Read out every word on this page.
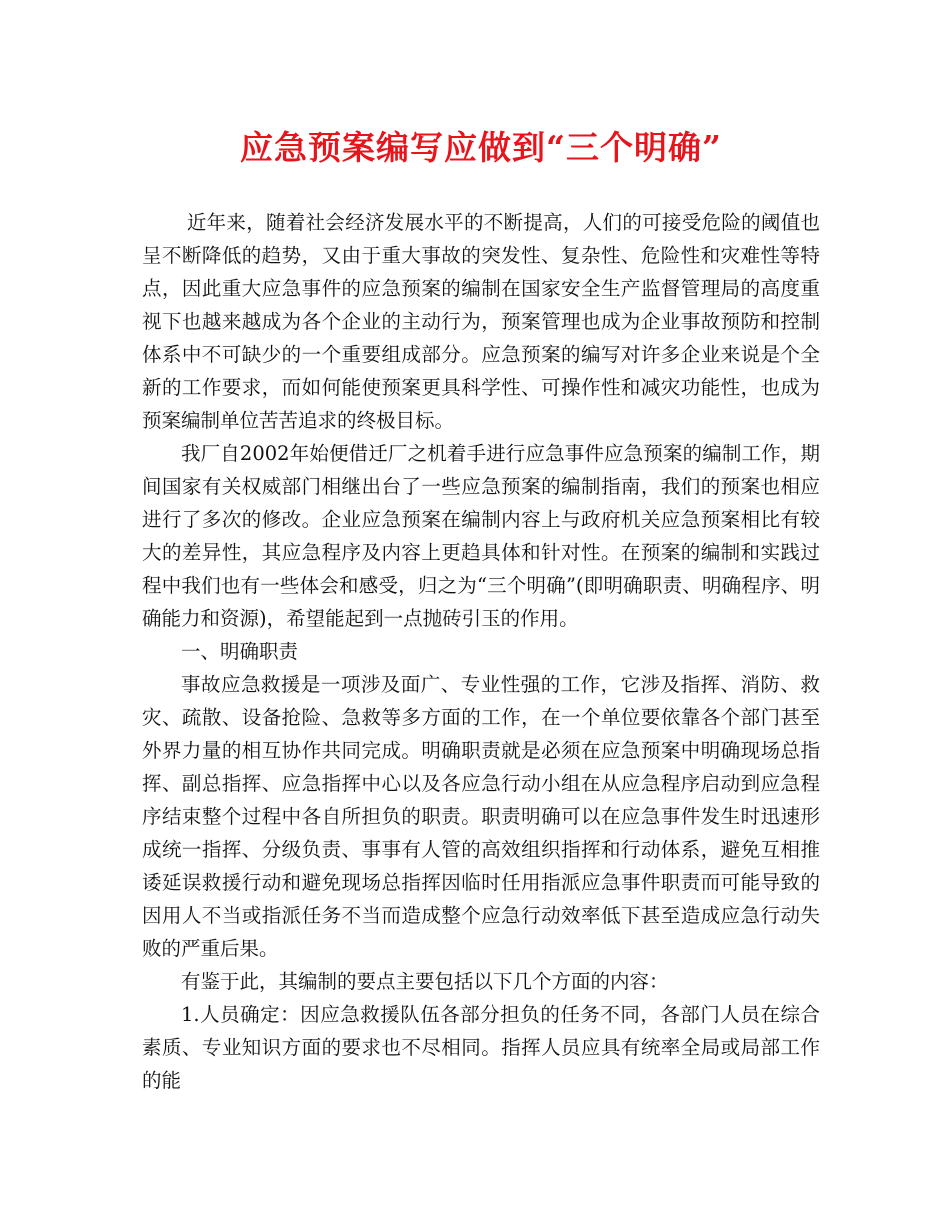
应急预案编写应做到“三个明确”

近年来，随着社会经济发展水平的不断提高，人们的可接受危险的阈值也呈不断降低的趋势，又由于重大事故的突发性、复杂性、危险性和灾难性等特点，因此重大应急事件的应急预案的编制在国家安全生产监督管理局的高度重视下也越来越成为各个企业的主动行为，预案管理也成为企业事故预防和控制体系中不可缺少的一个重要组成部分。应急预案的编写对许多企业来说是个全新的工作要求，而如何能使预案更具科学性、可操作性和减灾功能性，也成为预案编制单位苦苦追求的终极目标。

我厂自2002年始便借迁厂之机着手进行应急事件应急预案的编制工作，期间国家有关权威部门相继出台了一些应急预案的编制指南，我们的预案也相应进行了多次的修改。企业应急预案在编制内容上与政府机关应急预案相比有较大的差异性，其应急程序及内容上更趋具体和针对性。在预案的编制和实践过程中我们也有一些体会和感受，归之为“三个明确”(即明确职责、明确程序、明确能力和资源)，希望能起到一点抛砖引玉的作用。

一、明确职责

事故应急救援是一项涉及面广、专业性强的工作，它涉及指挥、消防、救灾、疏散、设备抢险、急救等多方面的工作，在一个单位要依靠各个部门甚至外界力量的相互协作共同完成。明确职责就是必须在应急预案中明确现场总指挥、副总指挥、应急指挥中心以及各应急行动小组在从应急程序启动到应急程序结束整个过程中各自所担负的职责。职责明确可以在应急事件发生时迅速形成统一指挥、分级负责、事事有人管的高效组织指挥和行动体系，避免互相推诿延误救援行动和避免现场总指挥因临时任用指派应急事件职责而可能导致的因用人不当或指派任务不当而造成整个应急行动效率低下甚至造成应急行动失败的严重后果。

有鉴于此，其编制的要点主要包括以下几个方面的内容：

1.人员确定：因应急救援队伍各部分担负的任务不同，各部门人员在综合素质、专业知识方面的要求也不尽相同。指挥人员应具有统率全局或局部工作的能
